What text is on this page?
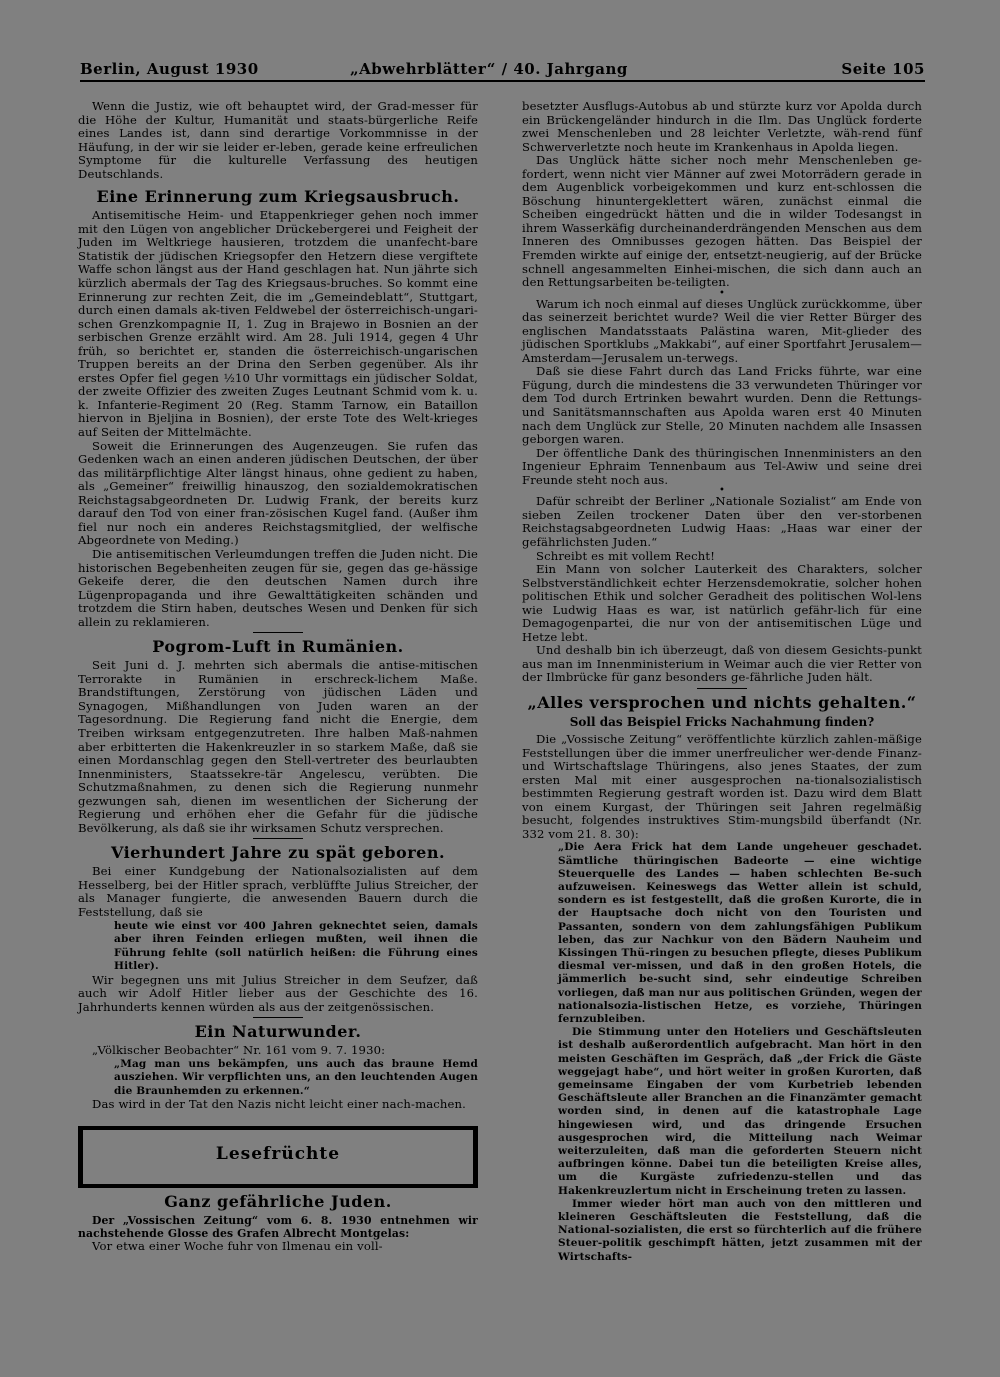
Berlin, August 1930	„Abwehrblätter“ / 40. Jahrgang	Seite 105

Wenn die Justiz, wie oft behauptet wird, der Grad-messer für die Höhe der Kultur, Humanität und staats-bürgerliche Reife eines Landes ist, dann sind derartige Vorkommnisse in der Häufung, in der wir sie leider er-leben, gerade keine erfreulichen Symptome für die kulturelle Verfassung des heutigen Deutschlands.

Eine Erinnerung zum Kriegsausbruch.

Antisemitische Heim- und Etappenkrieger gehen noch immer mit den Lügen von angeblicher Drückebergerei und Feigheit der Juden im Weltkriege hausieren, trotzdem die unanfecht-bare Statistik der jüdischen Kriegsopfer den Hetzern diese vergiftete Waffe schon längst aus der Hand geschlagen hat. Nun jährte sich kürzlich abermals der Tag des Kriegsaus-bruches. So kommt eine Erinnerung zur rechten Zeit, die im „Gemeindeblatt“, Stuttgart, durch einen damals ak-tiven Feldwebel der österreichisch-ungari-schen Grenzkompagnie II, 1. Zug in Brajewo in Bosnien an der serbischen Grenze erzählt wird. Am 28. Juli 1914, gegen 4 Uhr früh, so berichtet er, standen die österreichisch-ungarischen Truppen bereits an der Drina den Serben gegenüber. Als ihr erstes Opfer fiel gegen ½10 Uhr vormittags ein jüdischer Soldat, der zweite Offizier des zweiten Zuges Leutnant Schmid vom k. u. k. Infanterie-Regiment 20 (Reg. Stamm Tarnow, ein Bataillon hiervon in Bjeljina in Bosnien), der erste Tote des Welt-krieges auf Seiten der Mittelmächte.

Soweit die Erinnerungen des Augenzeugen. Sie rufen das Gedenken wach an einen anderen jüdischen Deutschen, der über das militärpflichtige Alter längst hinaus, ohne gedient zu haben, als „Gemeiner“ freiwillig hinauszog, den sozialdemokratischen Reichstagsabgeordneten Dr. Ludwig Frank, der bereits kurz darauf den Tod von einer fran-zösischen Kugel fand. (Außer ihm fiel nur noch ein anderes Reichstagsmitglied, der welfische Abgeordnete von Meding.)

Die antisemitischen Verleumdungen treffen die Juden nicht. Die historischen Begebenheiten zeugen für sie, gegen das ge-hässige Gekeife derer, die den deutschen Namen durch ihre Lügenpropaganda und ihre Gewalttätigkeiten schänden und trotzdem die Stirn haben, deutsches Wesen und Denken für sich allein zu reklamieren.

Pogrom-Luft in Rumänien.

Seit Juni d. J. mehrten sich abermals die antise-mitischen Terrorakte in Rumänien in erschreck-lichem Maße. Brandstiftungen, Zerstörung von jüdischen Läden und Synagogen, Mißhandlungen von Juden waren an der Tagesordnung. Die Regierung fand nicht die Energie, dem Treiben wirksam entgegenzutreten. Ihre halben Maß-nahmen aber erbitterten die Hakenkreuzler in so starkem Maße, daß sie einen Mordanschlag gegen den Stell-vertreter des beurlaubten Innenministers, Staatssekre-tär Angelescu, verübten. Die Schutzmaßnahmen, zu denen sich die Regierung nunmehr gezwungen sah, dienen im wesentlichen der Sicherung der Regierung und erhöhen eher die Gefahr für die jüdische Bevölkerung, als daß sie ihr wirksamen Schutz versprechen.

Vierhundert Jahre zu spät geboren.

Bei einer Kundgebung der Nationalsozialisten auf dem Hesselberg, bei der Hitler sprach, verblüffte Julius Streicher, der als Manager fungierte, die anwesenden Bauern durch die Feststellung, daß sie

heute wie einst vor 400 Jahren geknechtet seien, damals aber ihren Feinden erliegen mußten, weil ihnen die Führung fehlte (soll natürlich heißen: die Führung eines Hitler).

Wir begegnen uns mit Julius Streicher in dem Seufzer, daß auch wir Adolf Hitler lieber aus der Geschichte des 16. Jahrhunderts kennen würden als aus der zeitgenössischen.

Ein Naturwunder.

„Völkischer Beobachter“ Nr. 161 vom 9. 7. 1930:

„Mag man uns bekämpfen, uns auch das braune Hemd ausziehen. Wir verpflichten uns, an den leuchtenden Augen die Braunhemden zu erkennen.“

Das wird in der Tat den Nazis nicht leicht einer nach-machen.

Lesefrüchte
Ganz gefährliche Juden.

Der „Vossischen Zeitung“ vom 6. 8. 1930 entnehmen wir nachstehende Glosse des Grafen Albrecht Montgelas:

Vor etwa einer Woche fuhr von Ilmenau ein voll-

besetzter Ausflugs-Autobus ab und stürzte kurz vor Apolda durch ein Brückengeländer hindurch in die Ilm. Das Unglück forderte zwei Menschenleben und 28 leichter Verletzte, wäh-rend fünf Schwerverletzte noch heute im Krankenhaus in Apolda liegen.

Das Unglück hätte sicher noch mehr Menschenleben ge-fordert, wenn nicht vier Männer auf zwei Motorrädern gerade in dem Augenblick vorbeigekommen und kurz ent-schlossen die Böschung hinuntergeklettert wären, zunächst einmal die Scheiben eingedrückt hätten und die in wilder Todesangst in ihrem Wasserkäfig durcheinanderdrängenden Menschen aus dem Inneren des Omnibusses gezogen hätten. Das Beispiel der Fremden wirkte auf einige der, entsetzt-neugierig, auf der Brücke schnell angesammelten Einhei-mischen, die sich dann auch an den Rettungsarbeiten be-teiligten.

•

Warum ich noch einmal auf dieses Unglück zurückkomme, über das seinerzeit berichtet wurde? Weil die vier Retter Bürger des englischen Mandatsstaats Palästina waren, Mit-glieder des jüdischen Sportklubs „Makkabi“, auf einer Sportfahrt Jerusalem—Amsterdam—Jerusalem un-terwegs.

Daß sie diese Fahrt durch das Land Fricks führte, war eine Fügung, durch die mindestens die 33 verwundeten Thüringer vor dem Tod durch Ertrinken bewahrt wurden. Denn die Rettungs- und Sanitätsmannschaften aus Apolda waren erst 40 Minuten nach dem Unglück zur Stelle, 20 Minuten nachdem alle Insassen geborgen waren.

Der öffentliche Dank des thüringischen Innenministers an den Ingenieur Ephraim Tennenbaum aus Tel-Awiw und seine drei Freunde steht noch aus.

•

Dafür schreibt der Berliner „Nationale Sozialist“ am Ende von sieben Zeilen trockener Daten über den ver-storbenen Reichstagsabgeordneten Ludwig Haas: „Haas war einer der gefährlichsten Juden.“

Schreibt es mit vollem Recht!

Ein Mann von solcher Lauterkeit des Charakters, solcher Selbstverständlichkeit echter Herzensdemokratie, solcher hohen politischen Ethik und solcher Geradheit des politischen Wol-lens wie Ludwig Haas es war, ist natürlich gefähr-lich für eine Demagogenpartei, die nur von der antisemitischen Lüge und Hetze lebt.

Und deshalb bin ich überzeugt, daß von diesem Gesichts-punkt aus man im Innenministerium in Weimar auch die vier Retter von der Ilmbrücke für ganz besonders ge-fährliche Juden hält.

„Alles versprochen und nichts gehalten.“
Soll das Beispiel Fricks Nachahmung finden?

Die „Vossische Zeitung“ veröffentlichte kürzlich zahlen-mäßige Feststellungen über die immer unerfreulicher wer-dende Finanz- und Wirtschaftslage Thüringens, also jenes Staates, der zum ersten Mal mit einer ausgesprochen na-tionalsozialistisch bestimmten Regierung gestraft worden ist. Dazu wird dem Blatt von einem Kurgast, der Thüringen seit Jahren regelmäßig besucht, folgendes instruktives Stim-mungsbild überfandt (Nr. 332 vom 21. 8. 30):

„Die Aera Frick hat dem Lande ungeheuer geschadet. Sämtliche thüringischen Badeorte — eine wichtige Steuerquelle des Landes — haben schlechten Be-such aufzuweisen. Keineswegs das Wetter allein ist schuld, sondern es ist festgestellt, daß die großen Kurorte, die in der Hauptsache doch nicht von den Touristen und Passanten, sondern von dem zahlungsfähigen Publikum leben, das zur Nachkur von den Bädern Nauheim und Kissingen Thü-ringen zu besuchen pflegte, dieses Publikum diesmal ver-missen, und daß in den großen Hotels, die jämmerlich be-sucht sind, sehr eindeutige Schreiben vorliegen, daß man nur aus politischen Gründen, wegen der nationalsozia-listischen Hetze, es vorziehe, Thüringen fernzubleiben.

Die Stimmung unter den Hoteliers und Geschäftsleuten ist deshalb außerordentlich aufgebracht. Man hört in den meisten Geschäften im Gespräch, daß „der Frick die Gäste weggejagt habe“, und hört weiter in großen Kurorten, daß gemeinsame Eingaben der vom Kurbetrieb lebenden Geschäftsleute aller Branchen an die Finanzämter gemacht worden sind, in denen auf die katastrophale Lage hingewiesen wird, und das dringende Ersuchen ausgesprochen wird, die Mitteilung nach Weimar weiterzuleiten, daß man die geforderten Steuern nicht aufbringen könne. Dabei tun die beteiligten Kreise alles, um die Kurgäste zufriedenzu-stellen und das Hakenkreuzlertum nicht in Erscheinung treten zu lassen.

Immer wieder hört man auch von den mittleren und kleineren Geschäftsleuten die Feststellung, daß die National-sozialisten, die erst so fürchterlich auf die frühere Steuer-politik geschimpft hätten, jetzt zusammen mit der Wirtschafts-
